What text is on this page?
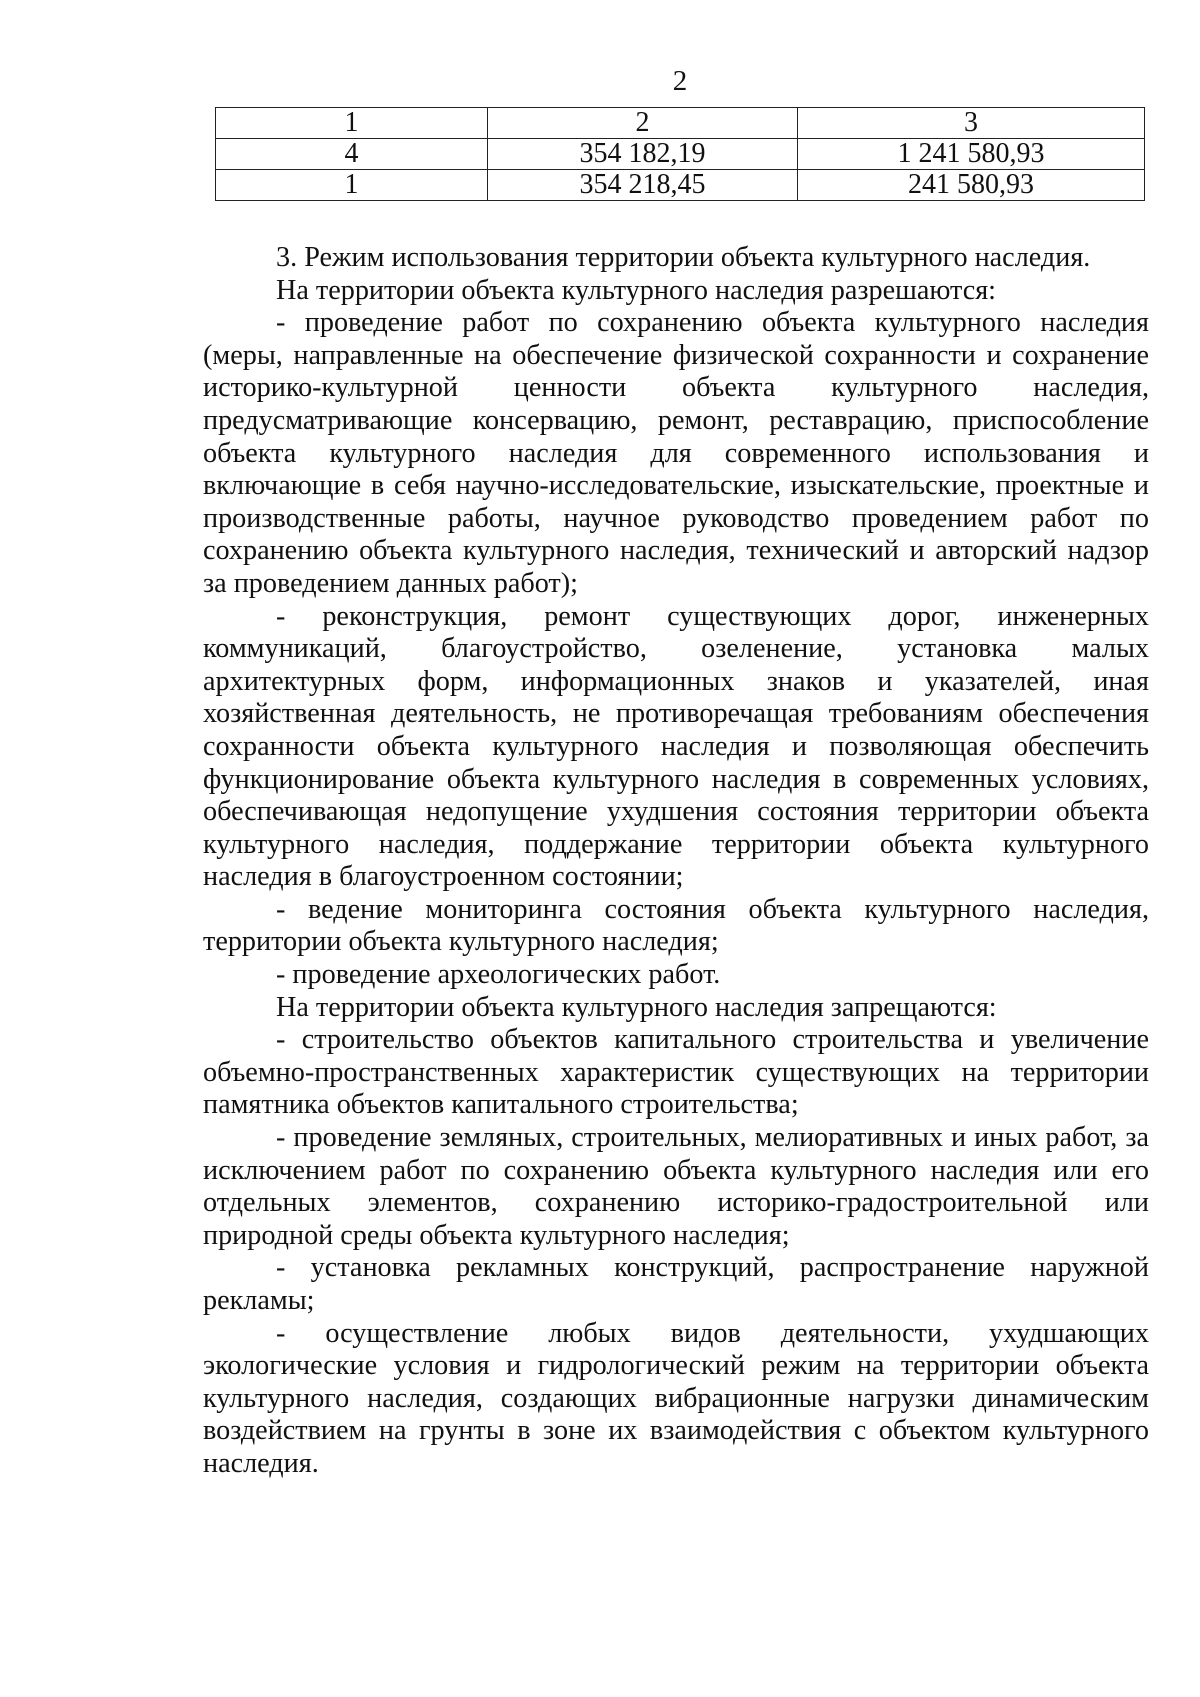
2
1	2	3
4	354 182,19	1 241 580,93
1	354 218,45	241 580,93

3. Режим использования территории объекта культурного наследия.

На территории объекта культурного наследия разрешаются:

- проведение работ по сохранению объекта культурного наследия (меры, направленные на обеспечение физической сохранности и сохранение историко-культурной ценности объекта культурного наследия, предусматривающие консервацию, ремонт, реставрацию, приспособление объекта культурного наследия для современного использования и включающие в себя научно-исследовательские, изыскательские, проектные и производственные работы, научное руководство проведением работ по сохранению объекта культурного наследия, технический и авторский надзор за проведением данных работ);

- реконструкция, ремонт существующих дорог, инженерных коммуникаций, благоустройство, озеленение, установка малых архитектурных форм, информационных знаков и указателей, иная хозяйственная деятельность, не противоречащая требованиям обеспечения сохранности объекта культурного наследия и позволяющая обеспечить функционирование объекта культурного наследия в современных условиях, обеспечивающая недопущение ухудшения состояния территории объекта культурного наследия, поддержание территории объекта культурного наследия в благоустроенном состоянии;

- ведение мониторинга состояния объекта культурного наследия, территории объекта культурного наследия;

- проведение археологических работ.

На территории объекта культурного наследия запрещаются:

- строительство объектов капитального строительства и увеличение объемно-пространственных характеристик существующих на территории памятника объектов капитального строительства;

- проведение земляных, строительных, мелиоративных и иных работ, за исключением работ по сохранению объекта культурного наследия или его отдельных элементов, сохранению историко-градостроительной или природной среды объекта культурного наследия;

- установка рекламных конструкций, распространение наружной рекламы;

- осуществление любых видов деятельности, ухудшающих экологические условия и гидрологический режим на территории объекта культурного наследия, создающих вибрационные нагрузки динамическим воздействием на грунты в зоне их взаимодействия с объектом культурного наследия.
